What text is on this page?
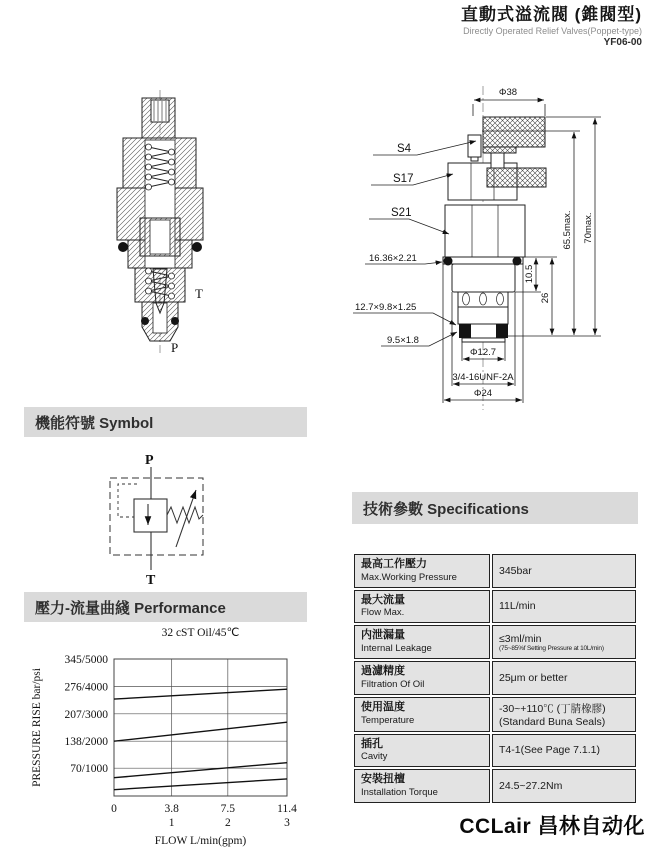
直動式溢流閥 (錐閥型)
Directly Operated Relief Valves(Poppet-type)
YF06-00
T
P
S4
S17
S21
16.36×2.21
12.7×9.8×1.25
9.5×1.8
Φ38
Φ12.7
3/4-16UNF-2A
Φ24
10.5
26
65.5max. 70max.
機能符號 Symbol
P
T
壓力-流量曲綫 Performance
345/5000
276/4000
207/3000
138/2000
70/1000
0	3.8
1
7.5
2
11.4
3
32 cST Oil/45℃
PRESSURE RISE bar/psi
FLOW L/min(gpm)
技術參數 Specifications
最高工作壓力
Max.Working Pressure	345bar

最大流量
Flow Max.	11L/min

内泄漏量
Internal Leakage	≤3ml/min
(75~85%f Setting Pressure at 10L/min)

過濾精度
Filtration Of Oil	25μm or better

使用温度
Temperature	-30~+110℃ (丁腈橡膠)
(Standard Buna Seals)

插孔
Cavity	T4-1(See Page 7.1.1)

安裝扭檀
Installation Torque	24.5~27.2Nm
CCLair 昌林自动化
